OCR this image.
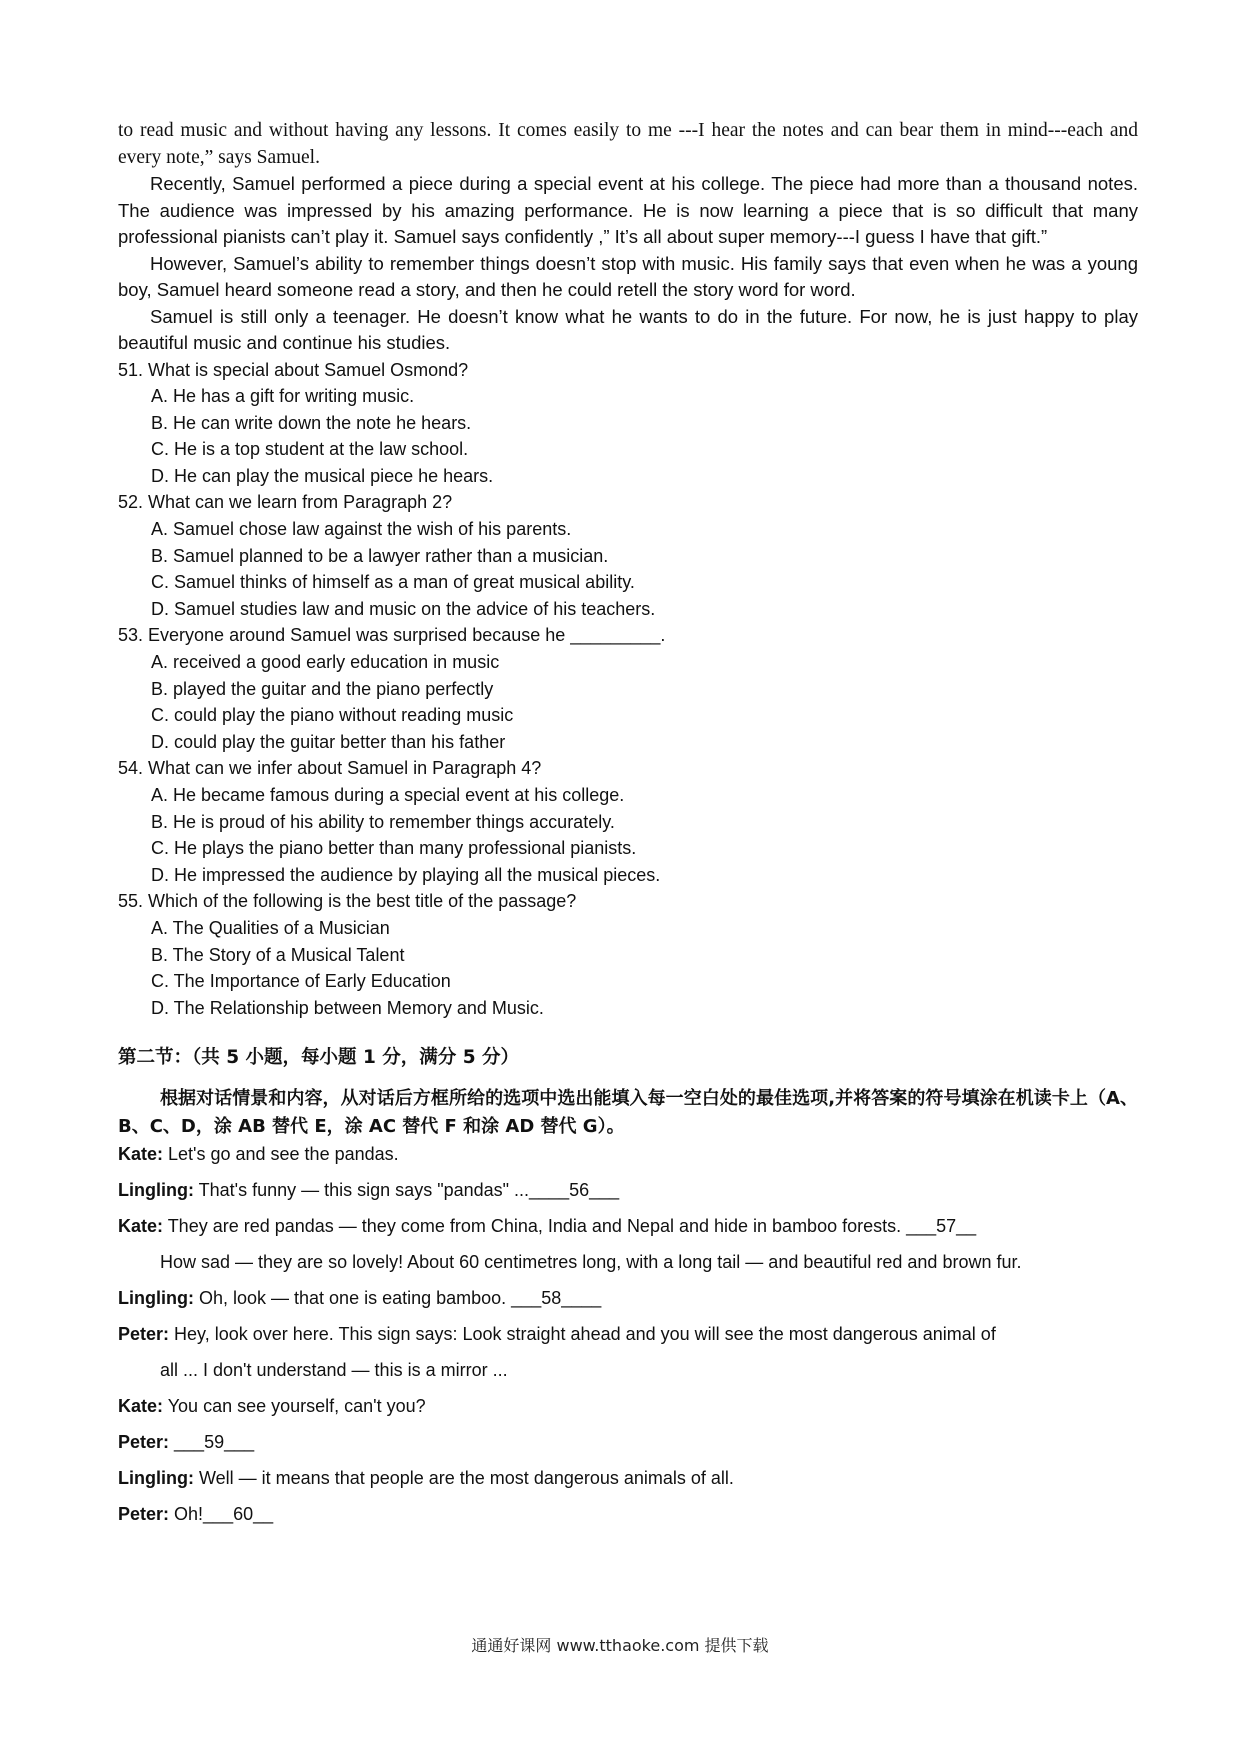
to read music and without having any lessons. It comes easily to me ---I hear the notes and can bear them in mind---each and every note,” says Samuel.

Recently, Samuel performed a piece during a special event at his college. The piece had more than a thousand notes. The audience was impressed by his amazing performance. He is now learning a piece that is so difficult that many professional pianists can’t play it. Samuel says confidently ,” It’s all about super memory---I guess I have that gift.”

However, Samuel’s ability to remember things doesn’t stop with music. His family says that even when he was a young boy, Samuel heard someone read a story, and then he could retell the story word for word.

Samuel is still only a teenager. He doesn’t know what he wants to do in the future. For now, he is just happy to play beautiful music and continue his studies.

51. What is special about Samuel Osmond?

A. He has a gift for writing music.

B. He can write down the note he hears.

C. He is a top student at the law school.

D. He can play the musical piece he hears.

52. What can we learn from Paragraph 2?

A. Samuel chose law against the wish of his parents.

B. Samuel planned to be a lawyer rather than a musician.

C. Samuel thinks of himself as a man of great musical ability.

D. Samuel studies law and music on the advice of his teachers.

53. Everyone around Samuel was surprised because he _________.

A. received a good early education in music

B. played the guitar and the piano perfectly

C. could play the piano without reading music

D. could play the guitar better than his father

54. What can we infer about Samuel in Paragraph 4?

A. He became famous during a special event at his college.

B. He is proud of his ability to remember things accurately.

C. He plays the piano better than many professional pianists.

D. He impressed the audience by playing all the musical pieces.

55. Which of the following is the best title of the passage?

A. The Qualities of a Musician

B. The Story of a Musical Talent

C. The Importance of Early Education

D. The Relationship between Memory and Music.

第二节：（共 5 小题，每小题 1 分，满分 5 分）

根据对话情景和内容，从对话后方框所给的选项中选出能填入每一空白处的最佳选项,并将答案的符号填涂在机读卡上（A、B、C、D，涂 AB 替代 E，涂 AC 替代 F 和涂 AD 替代 G）。

Kate: Let's go and see the pandas.

Lingling: That's funny — this sign says "pandas" ...____56___

Kate: They are red pandas — they come from China, India and Nepal and hide in bamboo forests. ___57__

How sad — they are so lovely! About 60 centimetres long, with a long tail — and beautiful red and brown fur.

Lingling: Oh, look — that one is eating bamboo. ___58____

Peter: Hey, look over here. This sign says: Look straight ahead and you will see the most dangerous animal of

all ... I don't understand — this is a mirror ...

Kate: You can see yourself, can't you?

Peter: ___59___

Lingling: Well — it means that people are the most dangerous animals of all.

Peter: Oh!___60__

通通好课网 www.tthaoke.com 提供下载
